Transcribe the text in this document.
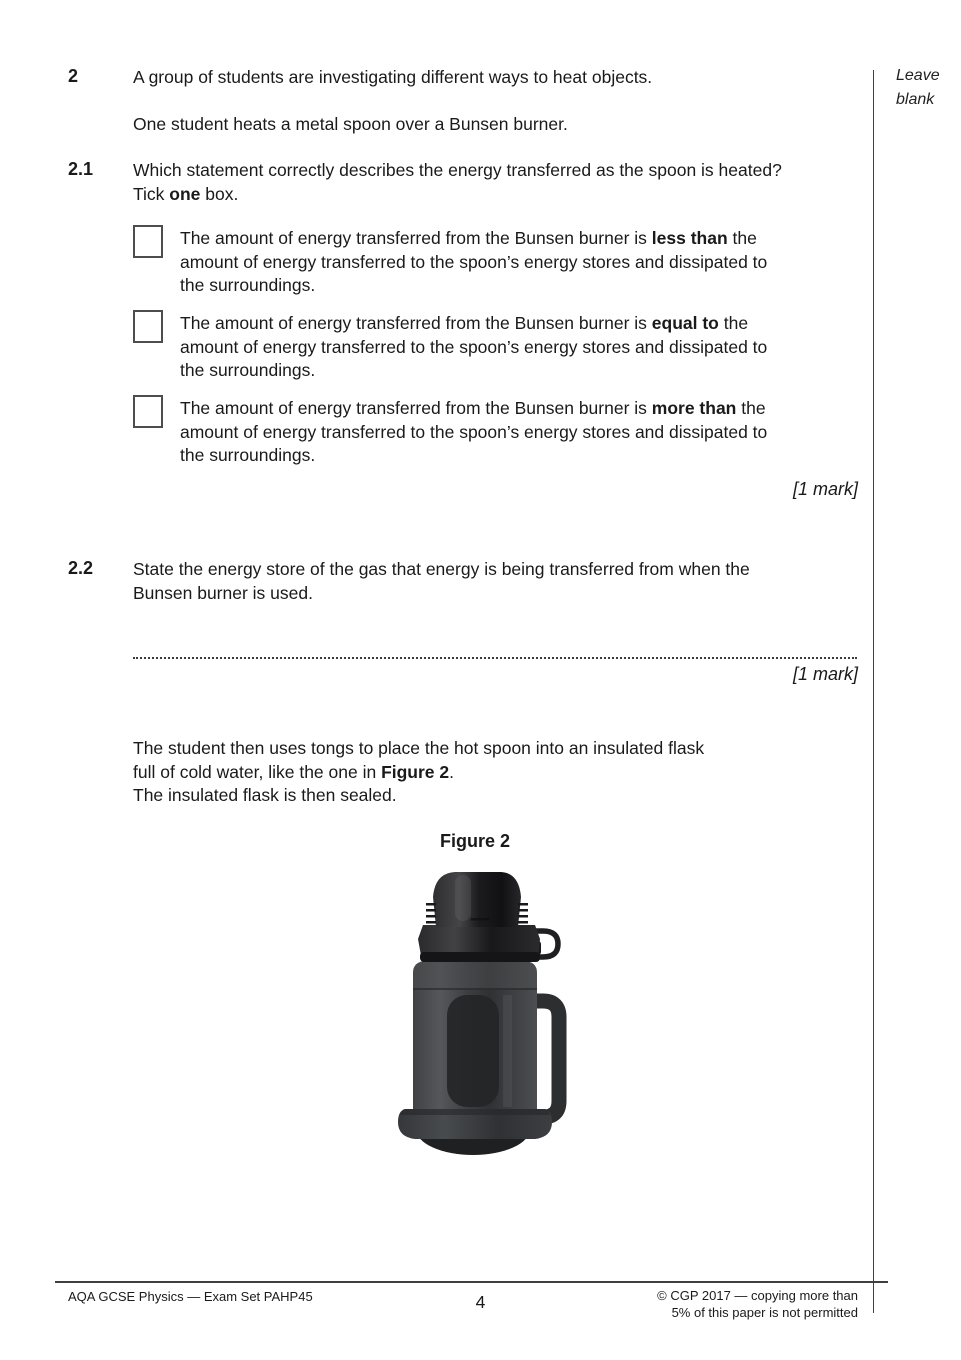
Leave
blank
2	A group of students are investigating different ways to heat objects.
One student heats a metal spoon over a Bunsen burner.
2.1 Which statement correctly describes the energy transferred as the spoon is heated?
Tick one box.
The amount of energy transferred from the Bunsen burner is less than the
amount of energy transferred to the spoon’s energy stores and dissipated to
the surroundings.
The amount of energy transferred from the Bunsen burner is equal to the
amount of energy transferred to the spoon’s energy stores and dissipated to
the surroundings.
The amount of energy transferred from the Bunsen burner is more than the
amount of energy transferred to the spoon’s energy stores and dissipated to
the surroundings.
[1 mark]
2.2 State the energy store of the gas that energy is being transferred from when the
Bunsen burner is used.
[1 mark]
The student then uses tongs to place the hot spoon into an insulated flask
full of cold water, like the one in Figure 2.
The insulated flask is then sealed.
Figure 2
AQA GCSE Physics — Exam Set PAHP45	4	© CGP 2017 — copying more than
5% of this paper is not permitted
